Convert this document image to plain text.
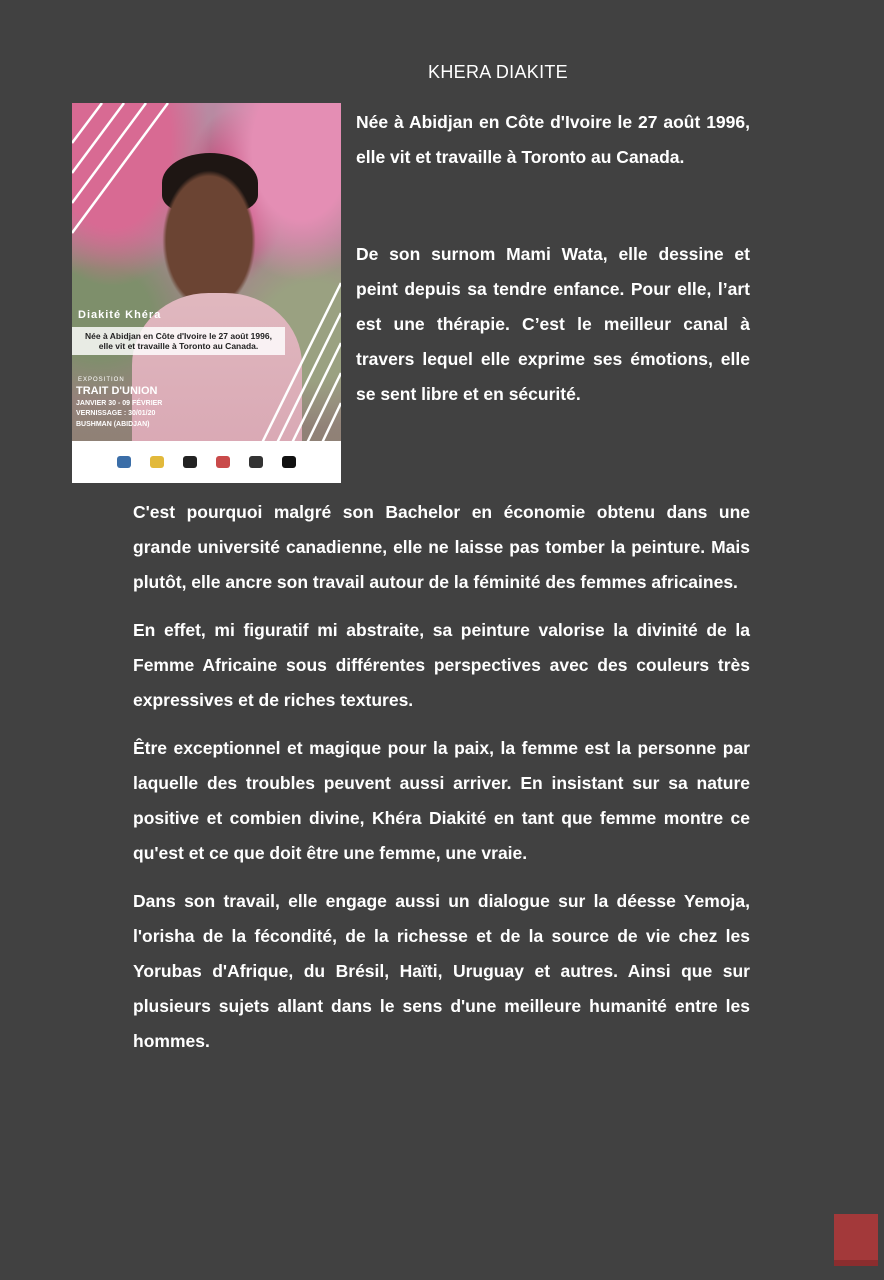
KHERA DIAKITE
Diakité Khéra
Née à Abidjan en Côte d'Ivoire le 27 août 1996, elle vit et travaille à Toronto au Canada.
EXPOSITION
TRAIT D'UNION
JANVIER 30 - 09 FÉVRIER
VERNISSAGE : 30/01/20
BUSHMAN (ABIDJAN)

Née à Abidjan en Côte d'Ivoire le 27 août 1996, elle vit et travaille à Toronto au Canada.

De son surnom Mami Wata, elle dessine et peint depuis sa tendre enfance. Pour elle, l’art est une thérapie. C’est le meilleur canal à travers lequel elle exprime ses émotions, elle se sent libre et en sécurité.

C'est pourquoi malgré son Bachelor en économie obtenu dans une grande université canadienne, elle ne laisse pas tomber la peinture. Mais plutôt, elle ancre son travail autour de la féminité des femmes africaines.

En effet, mi figuratif mi abstraite, sa peinture valorise la divinité de la Femme Africaine sous différentes perspectives avec des couleurs très expressives et de riches textures.

Être exceptionnel et magique pour la paix, la femme est la personne par laquelle des troubles peuvent aussi arriver. En insistant sur sa nature positive et combien divine, Khéra Diakité en tant que femme montre ce qu'est et ce que doit être une femme, une vraie.

Dans son travail, elle engage aussi un dialogue sur la déesse Yemoja, l'orisha de la fécondité, de la richesse et de la source de vie chez les Yorubas d'Afrique, du Brésil, Haïti, Uruguay et autres. Ainsi que sur plusieurs sujets allant dans le sens d'une meilleure humanité entre les hommes.
